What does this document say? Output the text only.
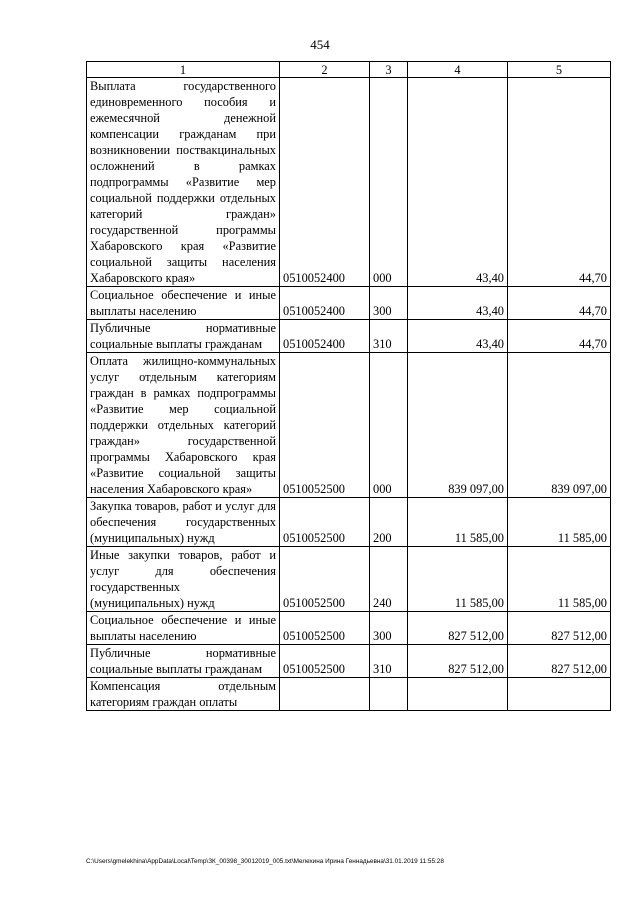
454
1	2	3	4	5
Выплата государственного единовременного пособия и ежемесячной денежной компенсации гражданам при возникновении поствакцинальных осложнений в рамках подпрограммы «Развитие мер социальной поддержки отдельных категорий граждан» государственной программы Хабаровского края «Развитие социальной защиты населения Хабаровского края»	0510052400	000	43,40	44,70
Социальное обеспечение и иные выплаты населению	0510052400	300	43,40	44,70
Публичные нормативные социальные выплаты гражданам	0510052400	310	43,40	44,70
Оплата жилищно-коммунальных услуг отдельным категориям граждан в рамках подпрограммы «Развитие мер социальной поддержки отдельных категорий граждан» государственной программы Хабаровского края «Развитие социальной защиты населения Хабаровского края»	0510052500	000	839 097,00	839 097,00
Закупка товаров, работ и услуг для обеспечения государственных (муниципальных) нужд	0510052500	200	11 585,00	11 585,00
Иные закупки товаров, работ и услуг для обеспечения государственных (муниципальных) нужд	0510052500	240	11 585,00	11 585,00
Социальное обеспечение и иные выплаты населению	0510052500	300	827 512,00	827 512,00
Публичные нормативные социальные выплаты гражданам	0510052500	310	827 512,00	827 512,00
Компенсация отдельным категориям граждан оплаты				
C:\Users\gmelekhina\AppData\Local\Temp\ЗК_00398_30012019_005.txt\Мелехина Ирина Геннадьевна\31.01.2019 11:55:28
